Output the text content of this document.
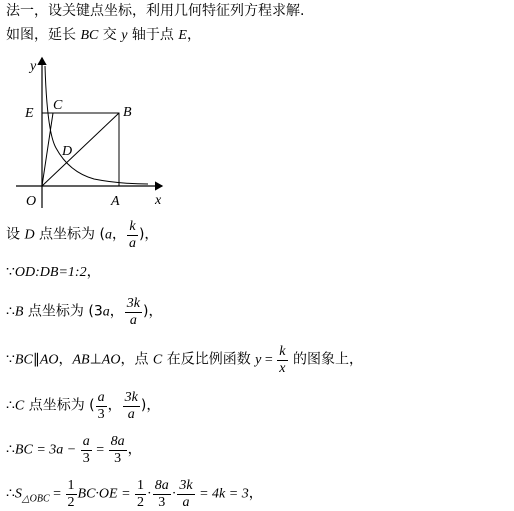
法一，设关键点坐标，利用几何特征列方程求解.
如图，延长 BC 交 y 轴于点 E，
y
x
O	A
B
C
D
E
设 D 点坐标为 (a， $\frac{k}{a}$ )，
∵OD:DB=1:2，
∴B 点坐标为 (3a， $\frac{3k}{a}$ )，
∵BC∥AO，AB⊥AO，点 C 在反比例函数 $y = \frac{k}{x}$ 的图象上，
∴C 点坐标为 ( $\frac{a}{3}$ ， $\frac{3k}{a}$ )，
∴BC = $3a - \frac{a}{3} = \frac{8a}{3}$ ，
$\therefore S_{\triangle OBC} = \frac{1}{2} BC\cdot OE = \frac{1}{2} \cdot \frac{8a}{3} \cdot \frac{3k}{a} = 4k = 3$，
